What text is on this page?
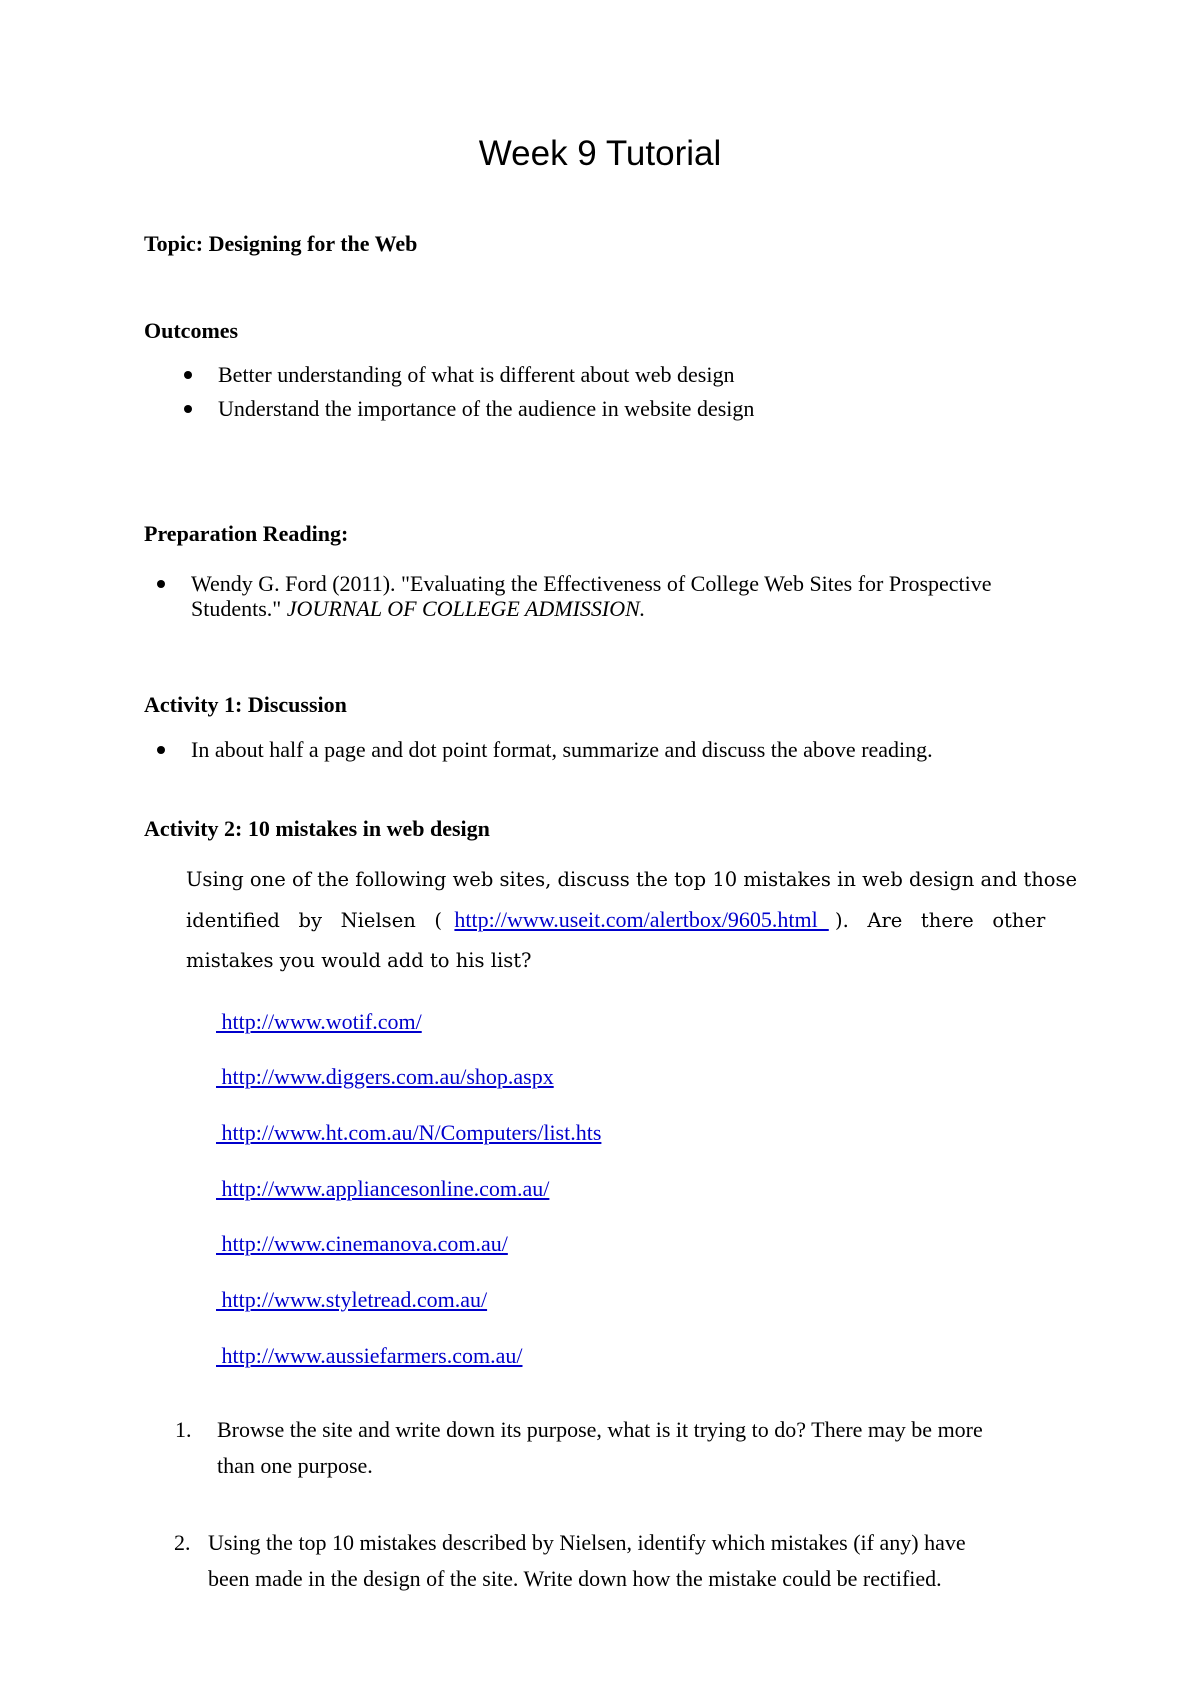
Week 9 Tutorial
Topic: Designing for the Web
Outcomes
Better understanding of what is different about web design
Understand the importance of the audience in website design
Preparation Reading:
Wendy G. Ford (2011). "Evaluating the Effectiveness of College Web Sites for Prospective
Students." JOURNAL OF COLLEGE ADMISSION.
Activity 1: Discussion
In about half a page and dot point format, summarize and discuss the above reading.
Activity 2: 10 mistakes in web design
Using one of the following web sites, discuss the top 10 mistakes in web design and those
identified   by   Nielsen   (  http://www.useit.com/alertbox/9605.html   ).   Are   there   other
mistakes you would add to his list?
http://www.wotif.com/
http://www.diggers.com.au/shop.aspx
http://www.ht.com.au/N/Computers/list.hts
http://www.appliancesonline.com.au/
http://www.cinemanova.com.au/
http://www.styletread.com.au/
http://www.aussiefarmers.com.au/
1. Browse the site and write down its purpose, what is it trying to do? There may be more
than one purpose.
2. Using the top 10 mistakes described by Nielsen, identify which mistakes (if any) have
been made in the design of the site. Write down how the mistake could be rectified.
